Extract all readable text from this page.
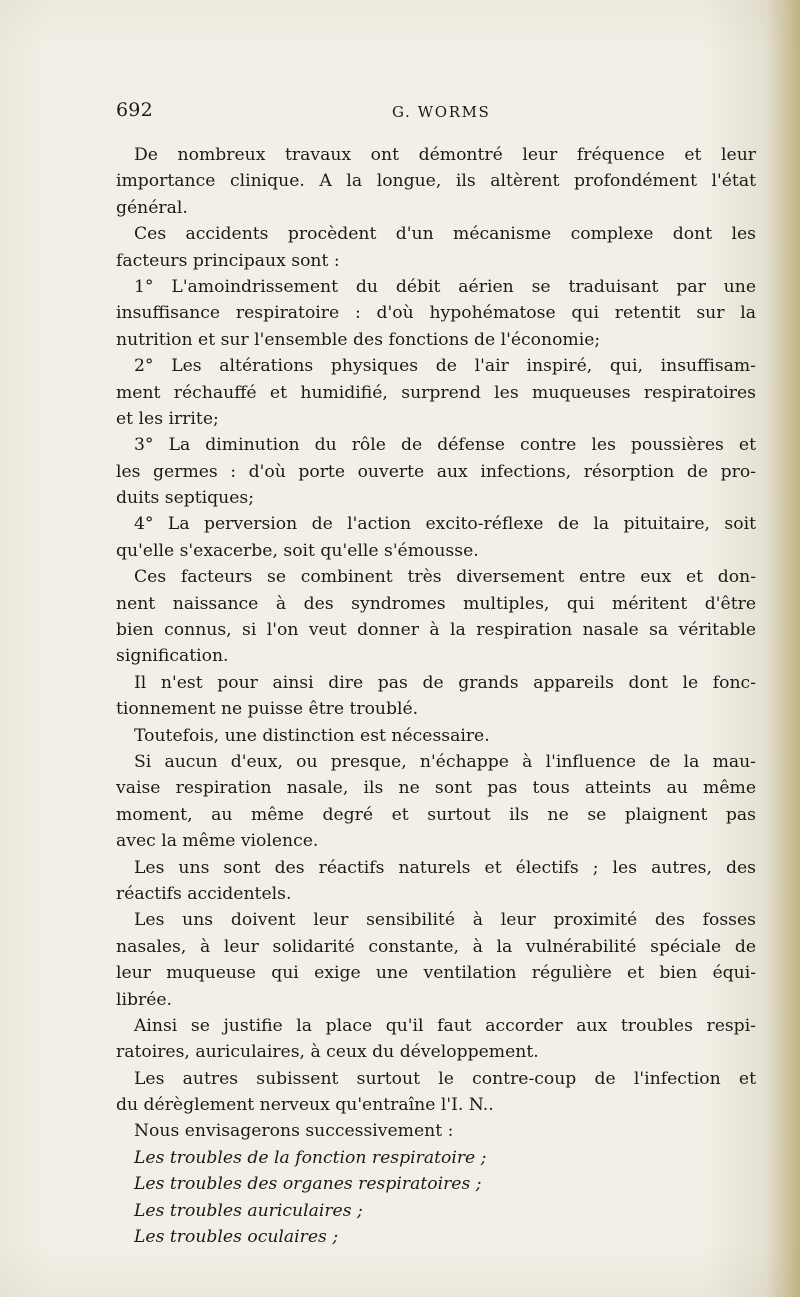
692	G. WORMS
De nombreux travaux ont démontré leur fréquence et leur
importance clinique. A la longue, ils altèrent profondément l'état
général.
Ces accidents procèdent d'un mécanisme complexe dont les
facteurs principaux sont :
1° L'amoindrissement du débit aérien se traduisant par une
insuffisance respiratoire : d'où hypohématose qui retentit sur la
nutrition et sur l'ensemble des fonctions de l'économie;
2° Les altérations physiques de l'air inspiré, qui, insuffisam-
ment réchauffé et humidifié, surprend les muqueuses respiratoires
et les irrite;
3° La diminution du rôle de défense contre les poussières et
les germes : d'où porte ouverte aux infections, résorption de pro-
duits septiques;
4° La perversion de l'action excito-réflexe de la pituitaire, soit
qu'elle s'exacerbe, soit qu'elle s'émousse.
Ces facteurs se combinent très diversement entre eux et don-
nent naissance à des syndromes multiples, qui méritent d'être
bien connus, si l'on veut donner à la respiration nasale sa véritable
signification.
Il n'est pour ainsi dire pas de grands appareils dont le fonc-
tionnement ne puisse être troublé.
Toutefois, une distinction est nécessaire.
Si aucun d'eux, ou presque, n'échappe à l'influence de la mau-
vaise respiration nasale, ils ne sont pas tous atteints au même
moment, au même degré et surtout ils ne se plaignent pas
avec la même violence.
Les uns sont des réactifs naturels et électifs ; les autres, des
réactifs accidentels.
Les uns doivent leur sensibilité à leur proximité des fosses
nasales, à leur solidarité constante, à la vulnérabilité spéciale de
leur muqueuse qui exige une ventilation régulière et bien équi-
librée.
Ainsi se justifie la place qu'il faut accorder aux troubles respi-
ratoires, auriculaires, à ceux du développement.
Les autres subissent surtout le contre-coup de l'infection et
du dérèglement nerveux qu'entraîne l'I. N..
Nous envisagerons successivement :
Les troubles de la fonction respiratoire ;
Les troubles des organes respiratoires ;
Les troubles auriculaires ;
Les troubles oculaires ;
